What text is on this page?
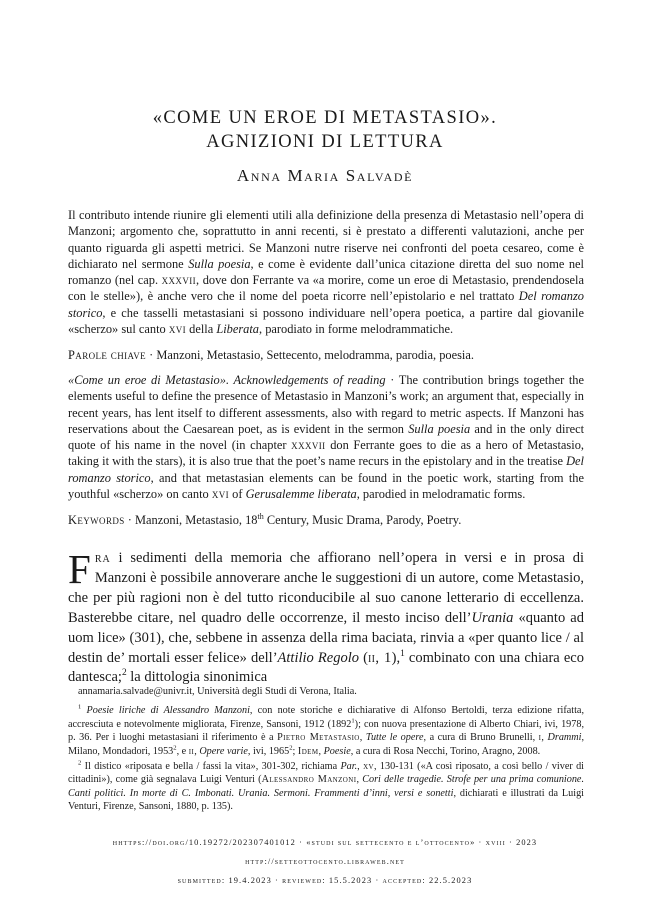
«COME UN EROE DI METASTASIO».
AGNIZIONI DI LETTURA
Anna Maria Salvadè
Il contributo intende riunire gli elementi utili alla definizione della presenza di Metastasio nell’opera di Manzoni; argomento che, soprattutto in anni recenti, si è prestato a differenti valutazioni, anche per quanto riguarda gli aspetti metrici. Se Manzoni nutre riserve nei confronti del poeta cesareo, come è dichiarato nel sermone Sulla poesia, e come è evidente dall’unica citazione diretta del suo nome nel romanzo (nel cap. xxxvii, dove don Ferrante va «a morire, come un eroe di Metastasio, prendendosela con le stelle»), è anche vero che il nome del poeta ricorre nell’epistolario e nel trattato Del romanzo storico, e che tasselli metastasiani si possono individuare nell’opera poetica, a partire dal giovanile «scherzo» sul canto xvi della Liberata, parodiato in forme melodrammatiche.
Parole chiave · Manzoni, Metastasio, Settecento, melodramma, parodia, poesia.
«Come un eroe di Metastasio». Acknowledgements of reading · The contribution brings together the elements useful to define the presence of Metastasio in Manzoni’s work; an argument that, especially in recent years, has lent itself to different assessments, also with regard to metric aspects. If Manzoni has reservations about the Caesarean poet, as is evident in the sermon Sulla poesia and in the only direct quote of his name in the novel (in chapter xxxvii don Ferrante goes to die as a hero of Metastasio, taking it with the stars), it is also true that the poet’s name recurs in the epistolary and in the treatise Del romanzo storico, and that metastasian elements can be found in the poetic work, starting from the youthful «scherzo» on canto xvi of Gerusalemme liberata, parodied in melodramatic forms.
Keywords · Manzoni, Metastasio, 18th Century, Music Drama, Parody, Poetry.
Fra i sedimenti della memoria che affiorano nell’opera in versi e in prosa di Manzoni è possibile annoverare anche le suggestioni di un autore, come Metastasio, che per più ragioni non è del tutto riconducibile al suo canone letterario di eccellenza. Basterebbe citare, nel quadro delle occorrenze, il mesto inciso dell’Urania «quanto ad uom lice» (301), che, sebbene in assenza della rima baciata, rinvia a «per quanto lice / al destin de’ mortali esser felice» dell’Attilio Regolo (ii, 1),$^1$ combinato con una chiara eco dantesca;$^2$ la dittologia sinonimica

annamaria.salvade@univr.it, Università degli Studi di Verona, Italia.

$^1$ Poesie liriche di Alessandro Manzoni, con note storiche e dichiarative di Alfonso Bertoldi, terza edizione rifatta, accresciuta e notevolmente migliorata, Firenze, Sansoni, 1912 (1892$^1$); con nuova presentazione di Alberto Chiari, ivi, 1978, p. 36. Per i luoghi metastasiani il riferimento è a Pietro Metastasio, Tutte le opere, a cura di Bruno Brunelli, i, Drammi, Milano, Mondadori, 1953$^2$, e ii, Opere varie, ivi, 1965$^2$; Idem, Poesie, a cura di Rosa Necchi, Torino, Aragno, 2008.

$^2$ Il distico «riposata e bella / fassi la vita», 301-302, richiama Par., xv, 130-131 («A così riposato, a così bello / viver di cittadini»), come già segnalava Luigi Venturi (Alessandro Manzoni, Cori delle tragedie. Strofe per una prima comunione. Canti politici. In morte di C. Imbonati. Urania. Sermoni. Frammenti d’inni, versi e sonetti, dichiarati e illustrati da Luigi Venturi, Firenze, Sansoni, 1880, p. 135).

hhttps://doi.org/10.19272/202307401012 · «studi sul settecento e l’ottocento» · xviii · 2023
http://setteottocento.libraweb.net
submitted: 19.4.2023 · reviewed: 15.5.2023 · accepted: 22.5.2023
